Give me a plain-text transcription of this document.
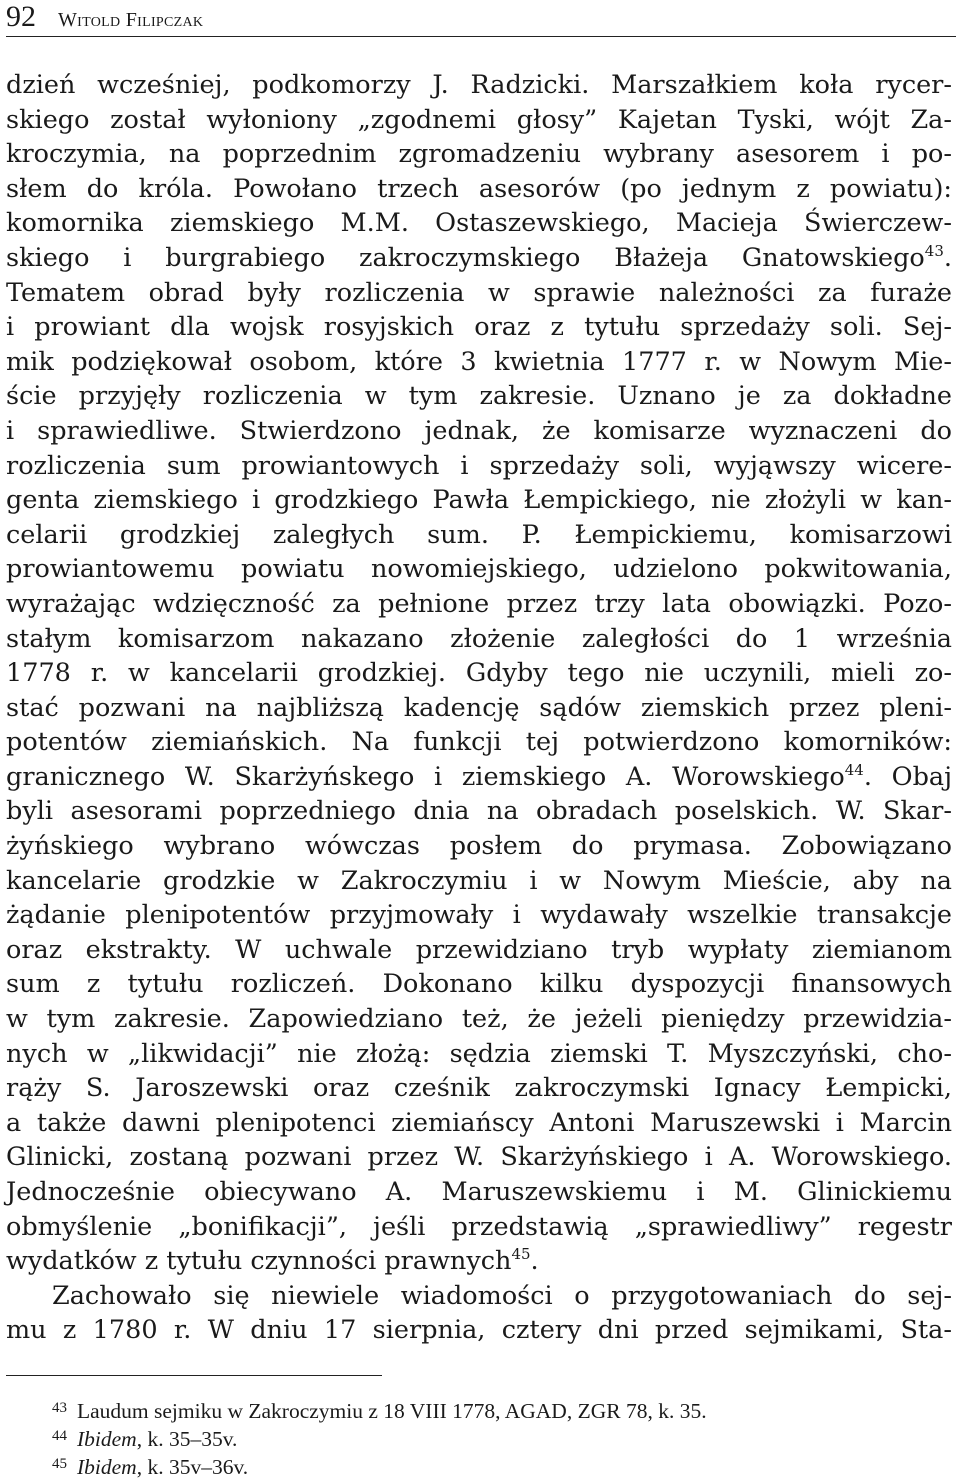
92 Witold Filipczak
dzień wcześniej, podkomorzy J. Radzicki. Marszałkiem koła rycer-
skiego został wyłoniony „zgodnemi głosy” Kajetan Tyski, wójt Za-
kroczymia, na poprzednim zgromadzeniu wybrany asesorem i po-
słem do króla. Powołano trzech asesorów (po jednym z powiatu):
komornika ziemskiego M.M. Ostaszewskiego, Macieja Świerczew-
skiego i burgrabiego zakroczymskiego Błażeja Gnatowskiego$^{43}$.
Tematem obrad były rozliczenia w sprawie należności za furaże
i prowiant dla wojsk rosyjskich oraz z tytułu sprzedaży soli. Sej-
mik podziękował osobom, które 3 kwietnia 1777 r. w Nowym Mie-
ście przyjęły rozliczenia w tym zakresie. Uznano je za dokładne
i sprawiedliwe. Stwierdzono jednak, że komisarze wyznaczeni do
rozliczenia sum prowiantowych i sprzedaży soli, wyjąwszy wicere-
genta ziemskiego i grodzkiego Pawła Łempickiego, nie złożyli w kan-
celarii grodzkiej zaległych sum. P. Łempickiemu, komisarzowi
prowiantowemu powiatu nowomiejskiego, udzielono pokwitowania,
wyrażając wdzięczność za pełnione przez trzy lata obowiązki. Pozo-
stałym komisarzom nakazano złożenie zaległości do 1 września
1778 r. w kancelarii grodzkiej. Gdyby tego nie uczynili, mieli zo-
stać pozwani na najbliższą kadencję sądów ziemskich przez pleni-
potentów ziemiańskich. Na funkcji tej potwierdzono komorników:
granicznego W. Skarżyńskego i ziemskiego A. Worowskiego$^{44}$. Obaj
byli asesorami poprzedniego dnia na obradach poselskich. W. Skar-
żyńskiego wybrano wówczas posłem do prymasa. Zobowiązano
kancelarie grodzkie w Zakroczymiu i w Nowym Mieście, aby na
żądanie plenipotentów przyjmowały i wydawały wszelkie transakcje
oraz ekstrakty. W uchwale przewidziano tryb wypłaty ziemianom
sum z tytułu rozliczeń. Dokonano kilku dyspozycji finansowych
w tym zakresie. Zapowiedziano też, że jeżeli pieniędzy przewidzia-
nych w „likwidacji” nie złożą: sędzia ziemski T. Myszczyński, cho-
rąży S. Jaroszewski oraz cześnik zakroczymski Ignacy Łempicki,
a także dawni plenipotenci ziemiańscy Antoni Maruszewski i Marcin
Glinicki, zostaną pozwani przez W. Skarżyńskiego i A. Worowskiego.
Jednocześnie obiecywano A. Maruszewskiemu i M. Glinickiemu
obmyślenie „bonifikacji”, jeśli przedstawią „sprawiedliwy” regestr
wydatków z tytułu czynności prawnych$^{45}$.
Zachowało się niewiele wiadomości o przygotowaniach do sej-
mu z 1780 r. W dniu 17 sierpnia, cztery dni przed sejmikami, Sta-
$^{43}$ Laudum sejmiku w Zakroczymiu z 18 VIII 1778, AGAD, ZGR 78, k. 35.
$^{44}$ Ibidem, k. 35–35v.
$^{45}$ Ibidem, k. 35v–36v.
